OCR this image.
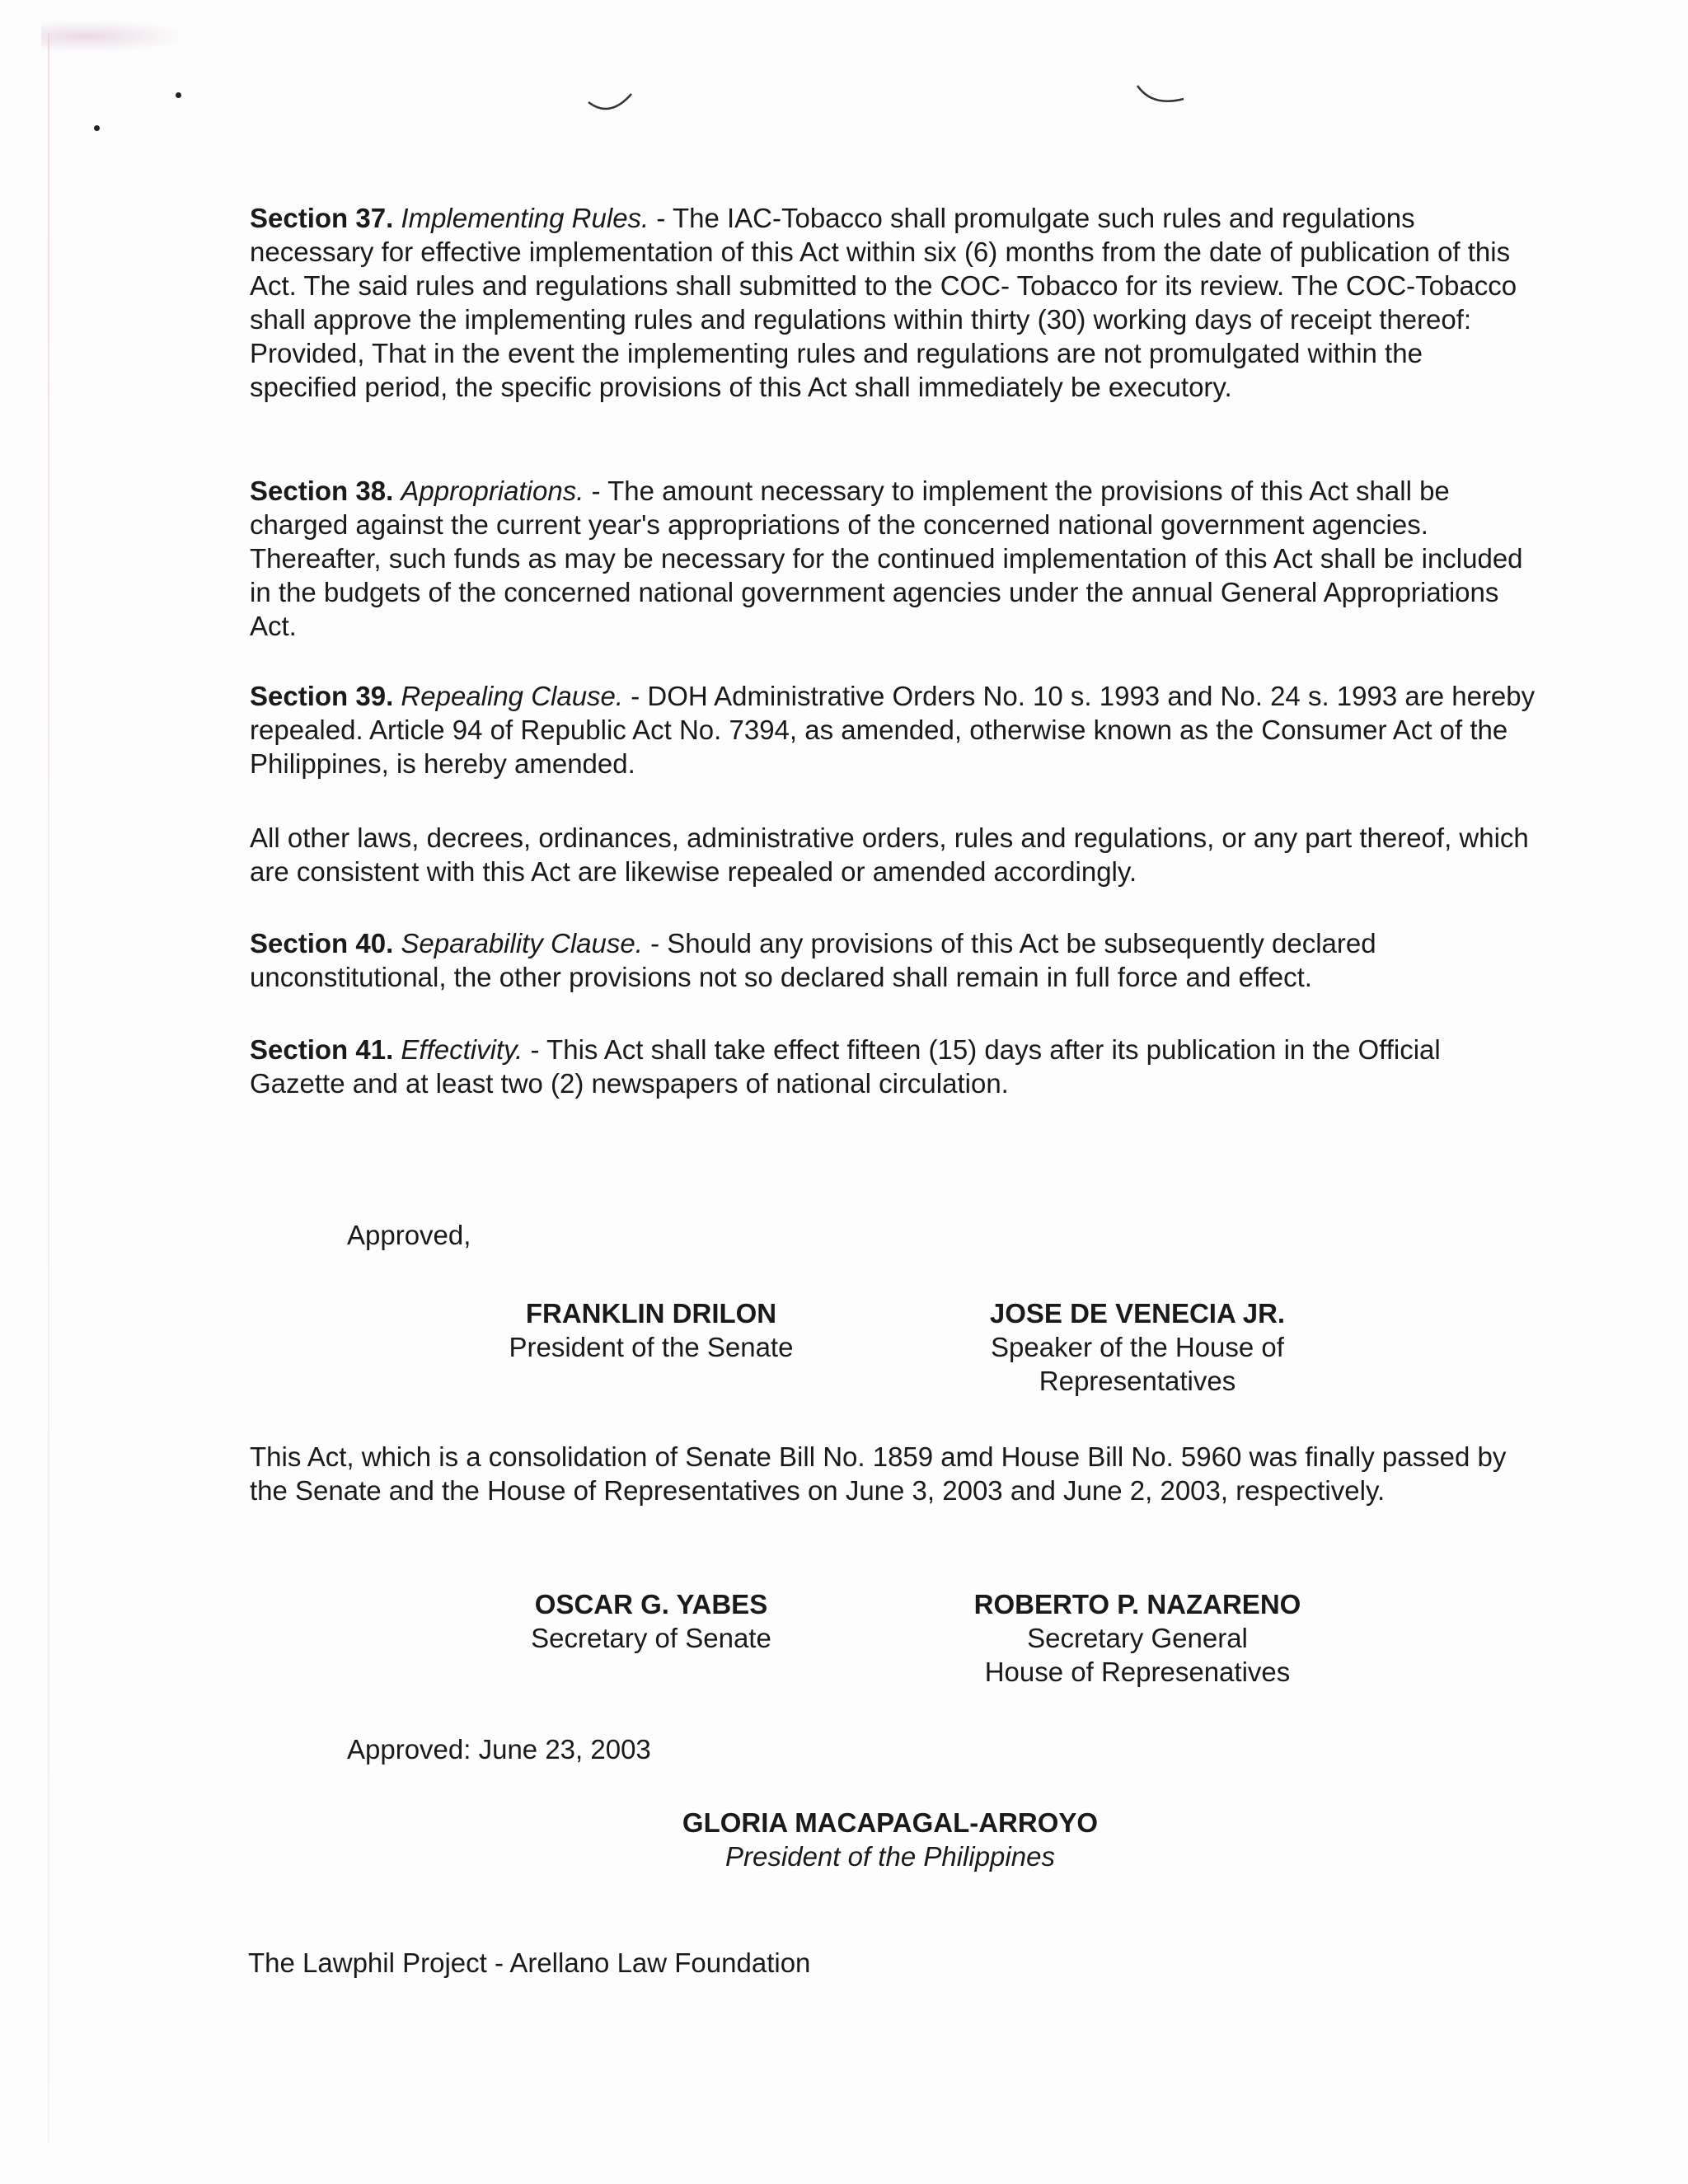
Section 37. Implementing Rules. - The IAC-Tobacco shall promulgate such rules and regulations necessary for effective implementation of this Act within six (6) months from the date of publication of this Act. The said rules and regulations shall submitted to the COC- Tobacco for its review. The COC-Tobacco shall approve the implementing rules and regulations within thirty (30) working days of receipt thereof: Provided, That in the event the implementing rules and regulations are not promulgated within the specified period, the specific provisions of this Act shall immediately be executory.

Section 38. Appropriations. - The amount necessary to implement the provisions of this Act shall be charged against the current year's appropriations of the concerned national government agencies. Thereafter, such funds as may be necessary for the continued implementation of this Act shall be included in the budgets of the concerned national government agencies under the annual General Appropriations Act.

Section 39. Repealing Clause. - DOH Administrative Orders No. 10 s. 1993 and No. 24 s. 1993 are hereby repealed. Article 94 of Republic Act No. 7394, as amended, otherwise known as the Consumer Act of the Philippines, is hereby amended.

All other laws, decrees, ordinances, administrative orders, rules and regulations, or any part thereof, which are consistent with this Act are likewise repealed or amended accordingly.

Section 40. Separability Clause. - Should any provisions of this Act be subsequently declared unconstitutional, the other provisions not so declared shall remain in full force and effect.

Section 41. Effectivity. - This Act shall take effect fifteen (15) days after its publication in the Official Gazette and at least two (2) newspapers of national circulation.

Approved,
FRANKLIN DRILON
President of the Senate
JOSE DE VENECIA JR.
Speaker of the House of
Representatives

This Act, which is a consolidation of Senate Bill No. 1859 amd House Bill No. 5960 was finally passed by the Senate and the House of Representatives on June 3, 2003 and June 2, 2003, respectively.

OSCAR G. YABES
Secretary of Senate
ROBERTO P. NAZARENO
Secretary General
House of Represenatives
Approved: June 23, 2003
GLORIA MACAPAGAL-ARROYO
President of the Philippines
The Lawphil Project - Arellano Law Foundation
